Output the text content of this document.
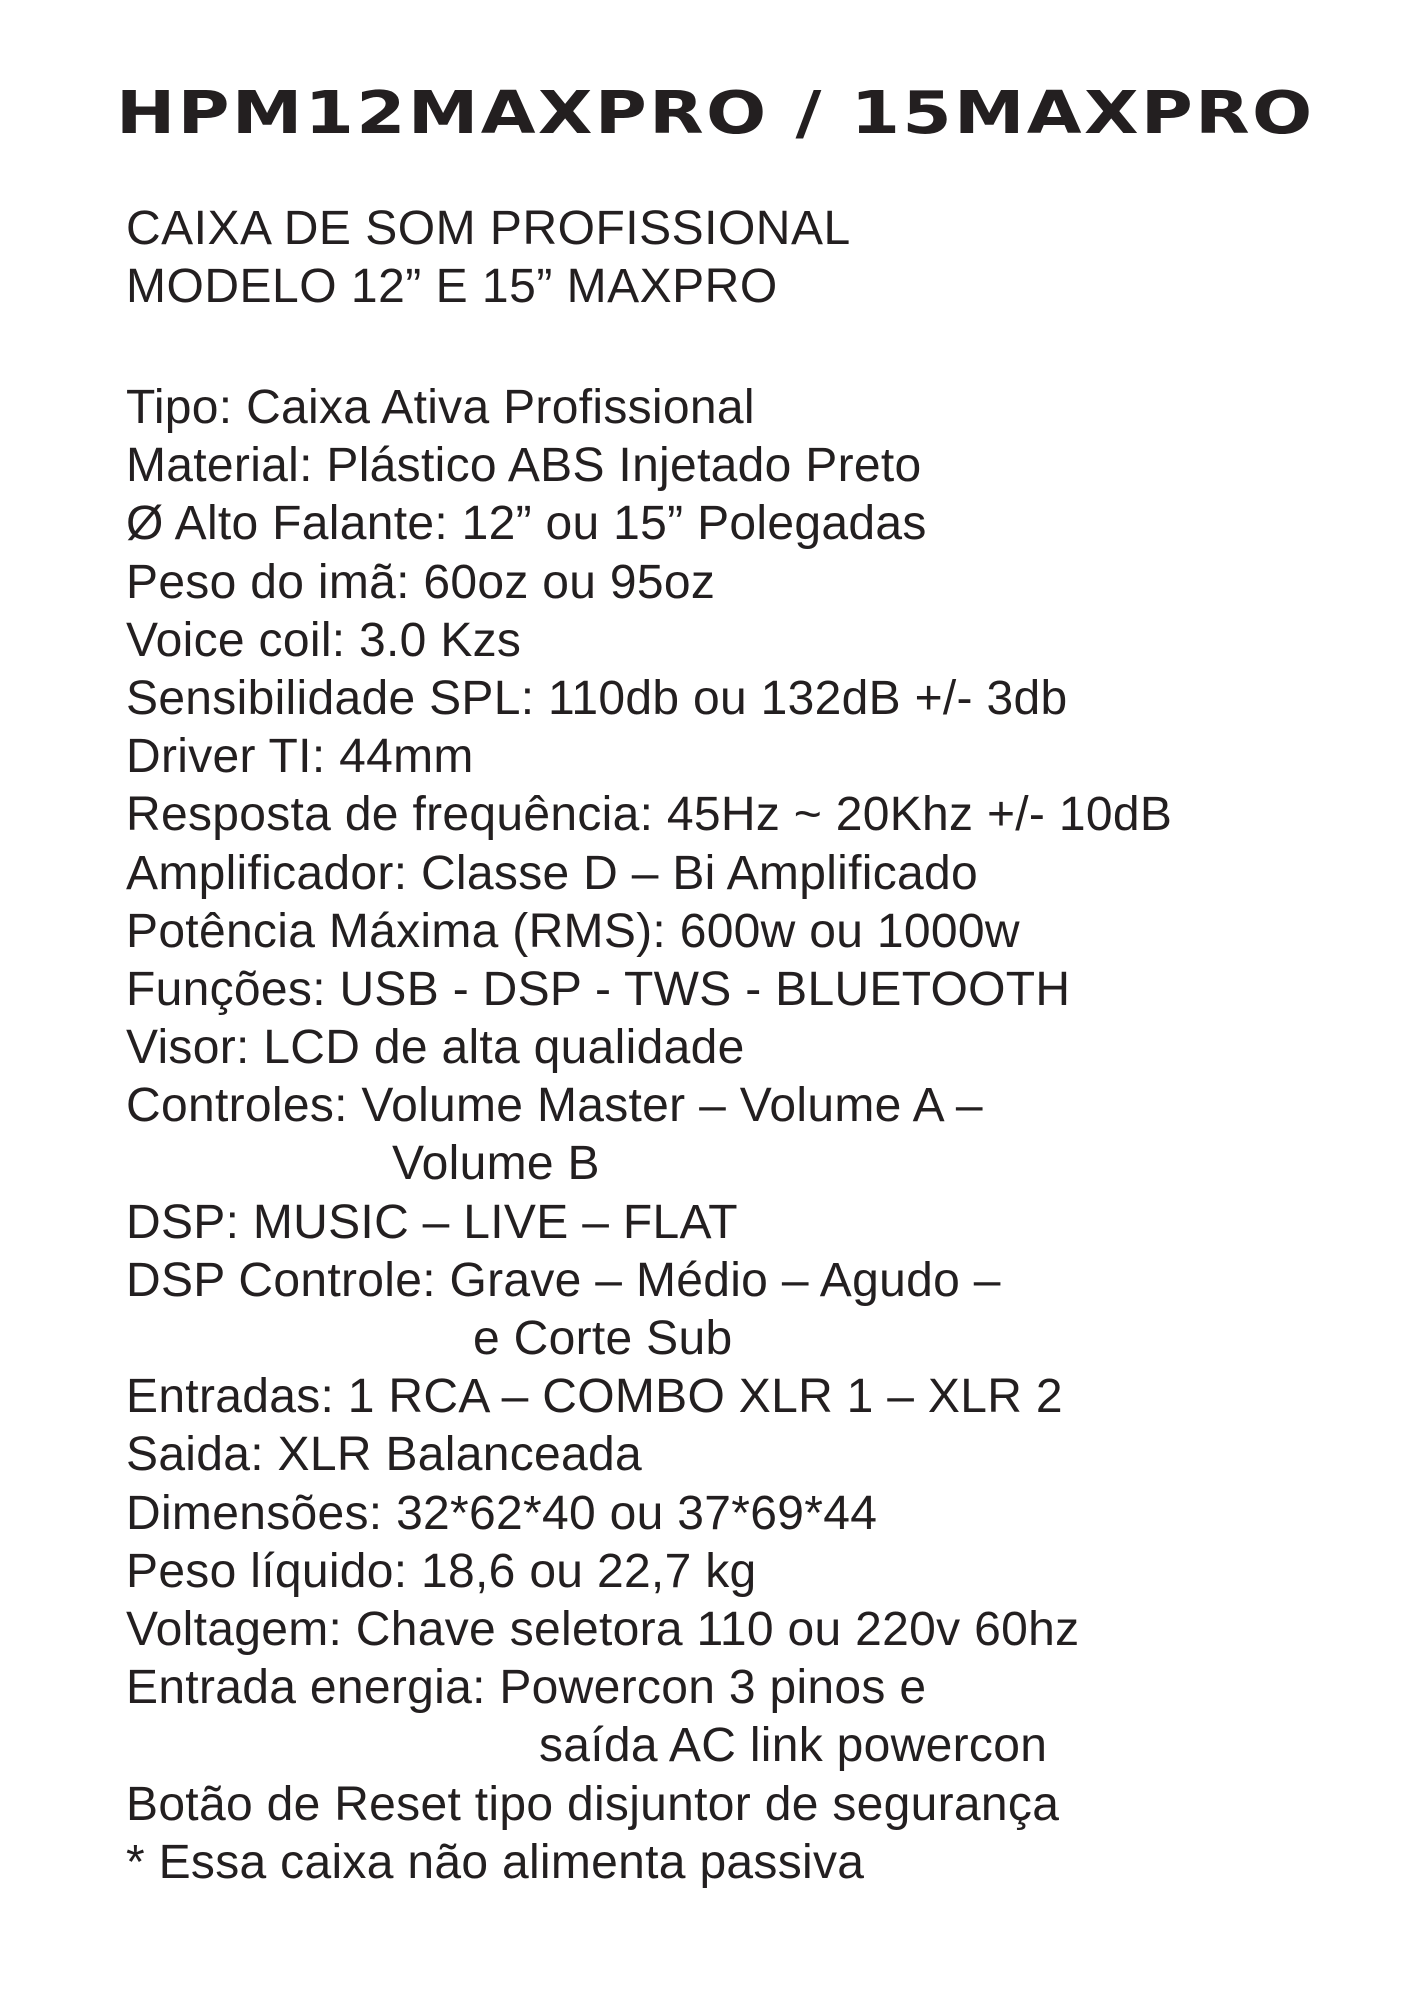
HPM12MAXPRO / 15MAXPRO
CAIXA DE SOM PROFISSIONAL
MODELO 12” E 15” MAXPRO
Tipo: Caixa Ativa Profissional
Material: Plástico ABS Injetado Preto
Ø Alto Falante: 12” ou 15” Polegadas
Peso do imã: 60oz ou 95oz
Voice coil: 3.0 Kzs
Sensibilidade SPL: 110db ou 132dB +/- 3db
Driver TI: 44mm
Resposta de frequência: 45Hz ~ 20Khz +/- 10dB
Amplificador: Classe D – Bi Amplificado
Potência Máxima (RMS): 600w ou 1000w
Funções: USB - DSP - TWS - BLUETOOTH
Visor: LCD de alta qualidade
Controles: Volume Master – Volume A –
Volume B
DSP: MUSIC – LIVE – FLAT
DSP Controle: Grave – Médio – Agudo –
e Corte Sub
Entradas: 1 RCA – COMBO XLR 1 – XLR 2
Saida: XLR Balanceada
Dimensões: 32*62*40 ou 37*69*44
Peso líquido: 18,6 ou 22,7 kg
Voltagem: Chave seletora 110 ou 220v 60hz
Entrada energia: Powercon 3 pinos e
saída AC link powercon
Botão de Reset tipo disjuntor de segurança
* Essa caixa não alimenta passiva
